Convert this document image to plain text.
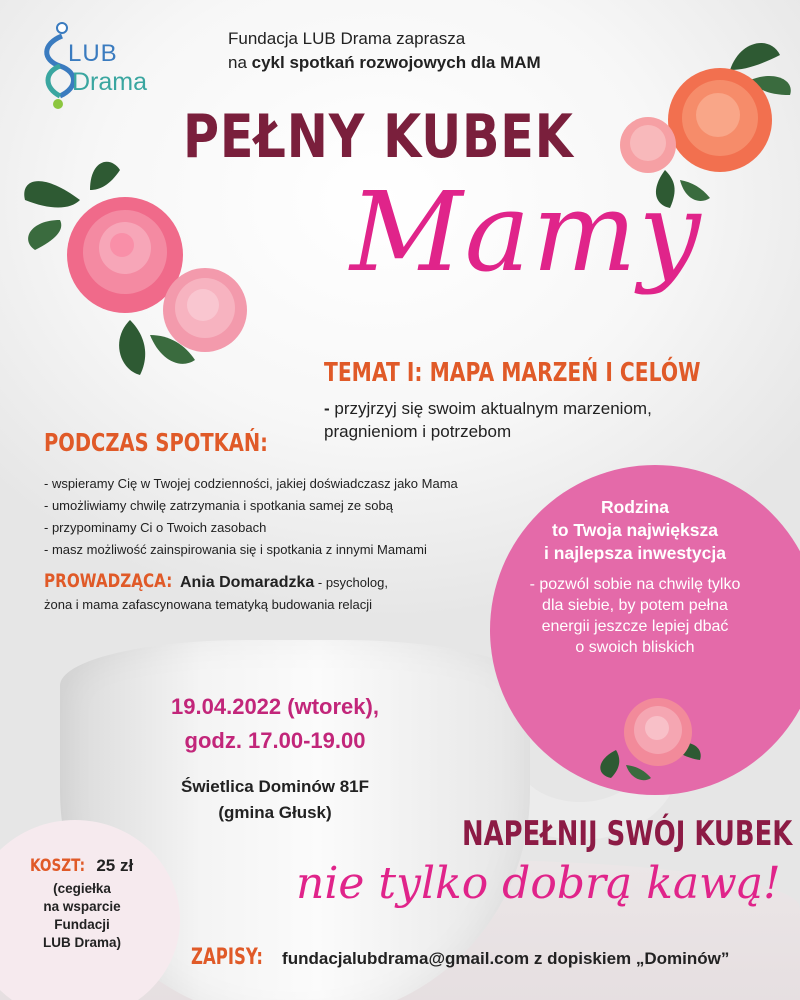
LUB
Drama
Fundacja LUB Drama zaprasza
na cykl spotkań rozwojowych dla MAM
PEŁNY KUBEK
Mamy
TEMAT I: MAPA MARZEŃ I CELÓW
- przyjrzyj się swoim aktualnym marzeniom,
pragnieniom i potrzebom
PODCZAS SPOTKAŃ:
- wspieramy Cię w Twojej codzienności, jakiej doświadczasz jako Mama
- umożliwiamy chwilę zatrzymania i spotkania samej ze sobą
- przypominamy Ci o Twoich zasobach
- masz możliwość zainspirowania się i spotkania z innymi Mamami
PROWADZĄCA: Ania Domaradzka - psycholog,
żona i mama zafascynowana tematyką budowania relacji
Rodzina
to Twoja największa
i najlepsza inwestycja
- pozwól sobie na chwilę tylko
dla siebie, by potem pełna
energii jeszcze lepiej dbać
o swoich bliskich
19.04.2022 (wtorek),
godz. 17.00-19.00
Świetlica Dominów 81F
(gmina Głusk)
NAPEŁNIJ SWÓJ KUBEK
nie tylko dobrą kawą!
KOSZT: 25 zł
(cegiełka
na wsparcie
Fundacji
LUB Drama)
ZAPISY: fundacjalubdrama@gmail.com z dopiskiem „Dominów”
